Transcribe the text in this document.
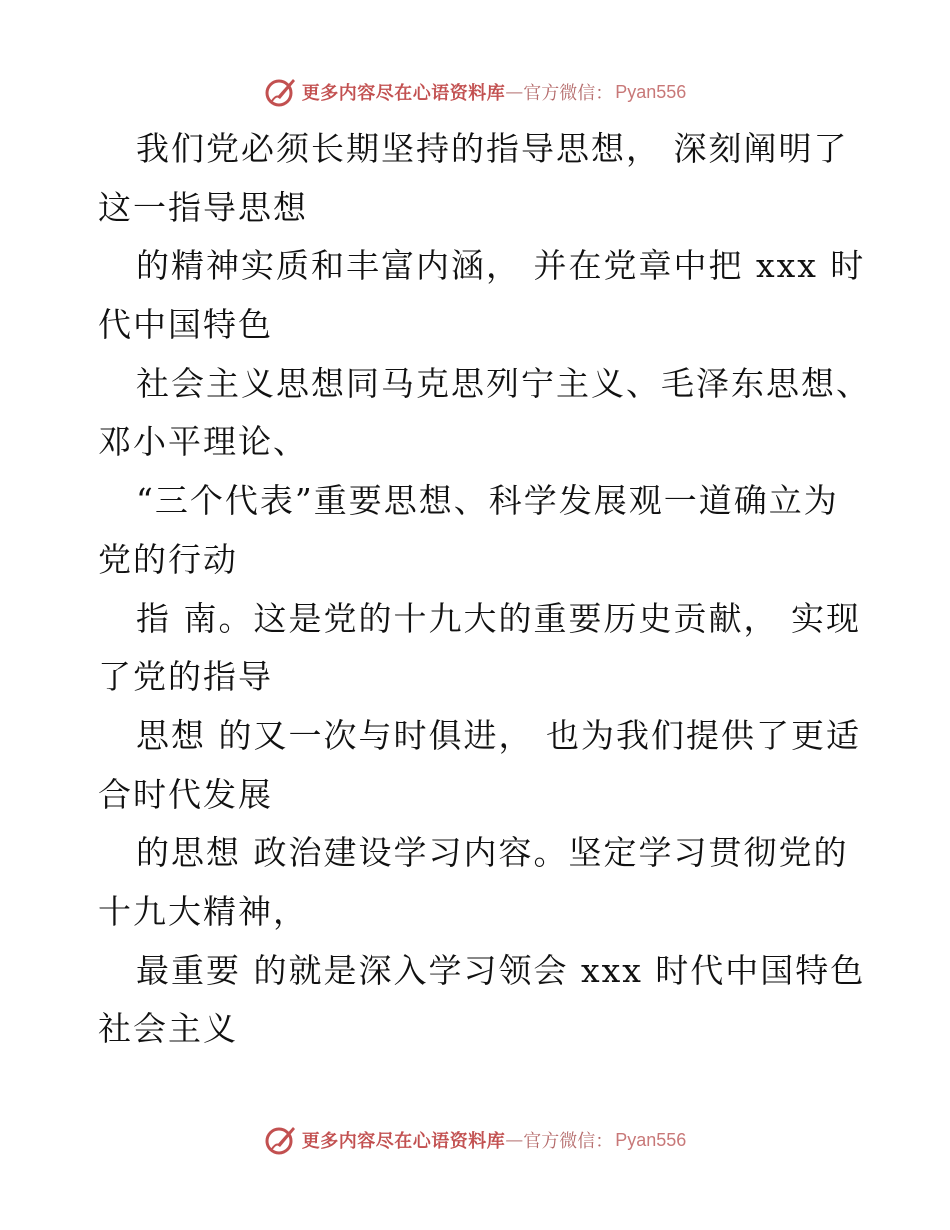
更多内容尽在心语资料库 — 官方微信： Pyan556
我们党必须长期坚持的指导思想， 深刻阐明了
这一指导思想
的精神实质和丰富内涵， 并在党章中把 xxx 时
代中国特色
社会主义思想同马克思列宁主义、毛泽东思想、
邓小平理论、
“三个代表”重要思想、科学发展观一道确立为
党的行动
指 南。这是党的十九大的重要历史贡献， 实现
了党的指导
思想 的又一次与时俱进， 也为我们提供了更适
合时代发展
的思想 政治建设学习内容。坚定学习贯彻党的
十九大精神，
最重要 的就是深入学习领会 xxx 时代中国特色
社会主义
更多内容尽在心语资料库 — 官方微信： Pyan556
